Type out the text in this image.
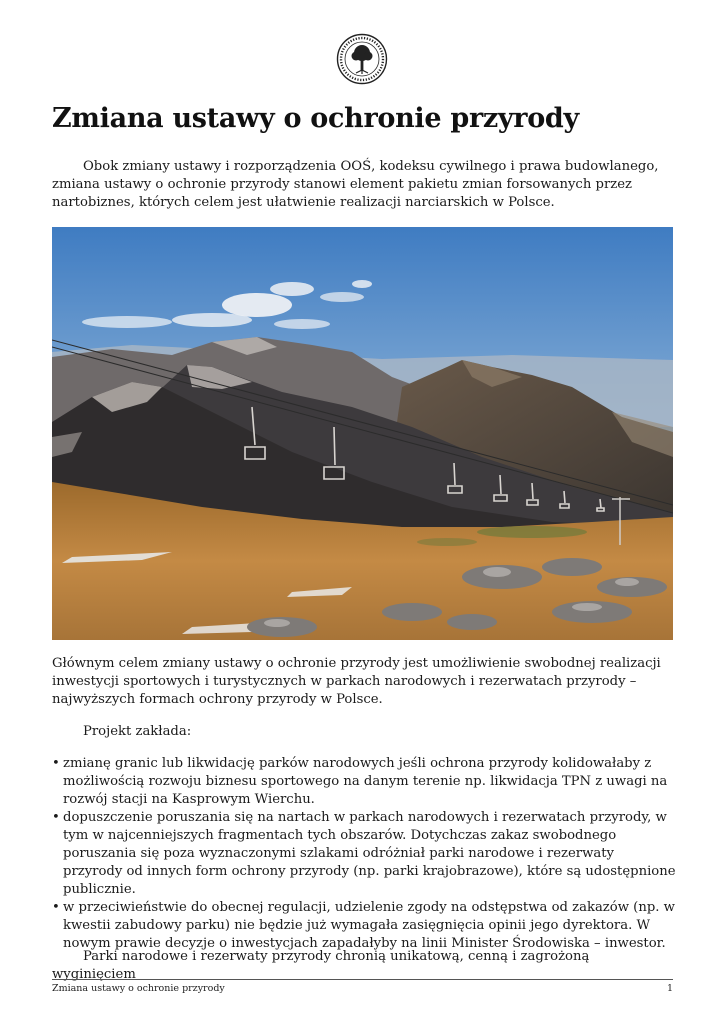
Zmiana ustawy o ochronie przyrody

Obok zmiany ustawy i rozporządzenia OOŚ, kodeksu cywilnego i prawa budowlanego, zmiana ustawy o ochronie przyrody stanowi element pakietu zmian forsowanych przez nartobiznes, których celem jest ułatwienie realizacji narciarskich w Polsce.

Głównym celem zmiany ustawy o ochronie przyrody jest umożliwienie swobodnej realizacji inwestycji sportowych i turystycznych w parkach narodowych i rezerwatach przyrody – najwyższych formach ochrony przyrody w Polsce.

Projekt zakłada:

• zmianę granic lub likwidację parków narodowych jeśli ochrona przyrody kolidowałaby z możliwością rozwoju biznesu sportowego na danym terenie np. likwidacja TPN z uwagi na rozwój stacji na Kasprowym Wierchu.
• dopuszczenie poruszania się na nartach w parkach narodowych i rezerwatach przyrody, w tym w najcenniejszych fragmentach tych obszarów. Dotychczas zakaz swobodnego poruszania się poza wyznaczonymi szlakami odróżniał parki narodowe i rezerwaty przyrody od innych form ochrony przyrody (np. parki krajobrazowe), które są udostępnione publicznie.
• w przeciwieństwie do obecnej regulacji, udzielenie zgody na odstępstwa od zakazów (np. w kwestii zabudowy parku) nie będzie już wymagała zasięgnięcia opinii jego dyrektora. W nowym prawie decyzje o inwestycjach zapadałyby na linii Minister Środowiska – inwestor.

Parki narodowe i rezerwaty przyrody chronią unikatową, cenną i zagrożoną wyginięciem

Zmiana ustawy o ochronie przyrody	1
